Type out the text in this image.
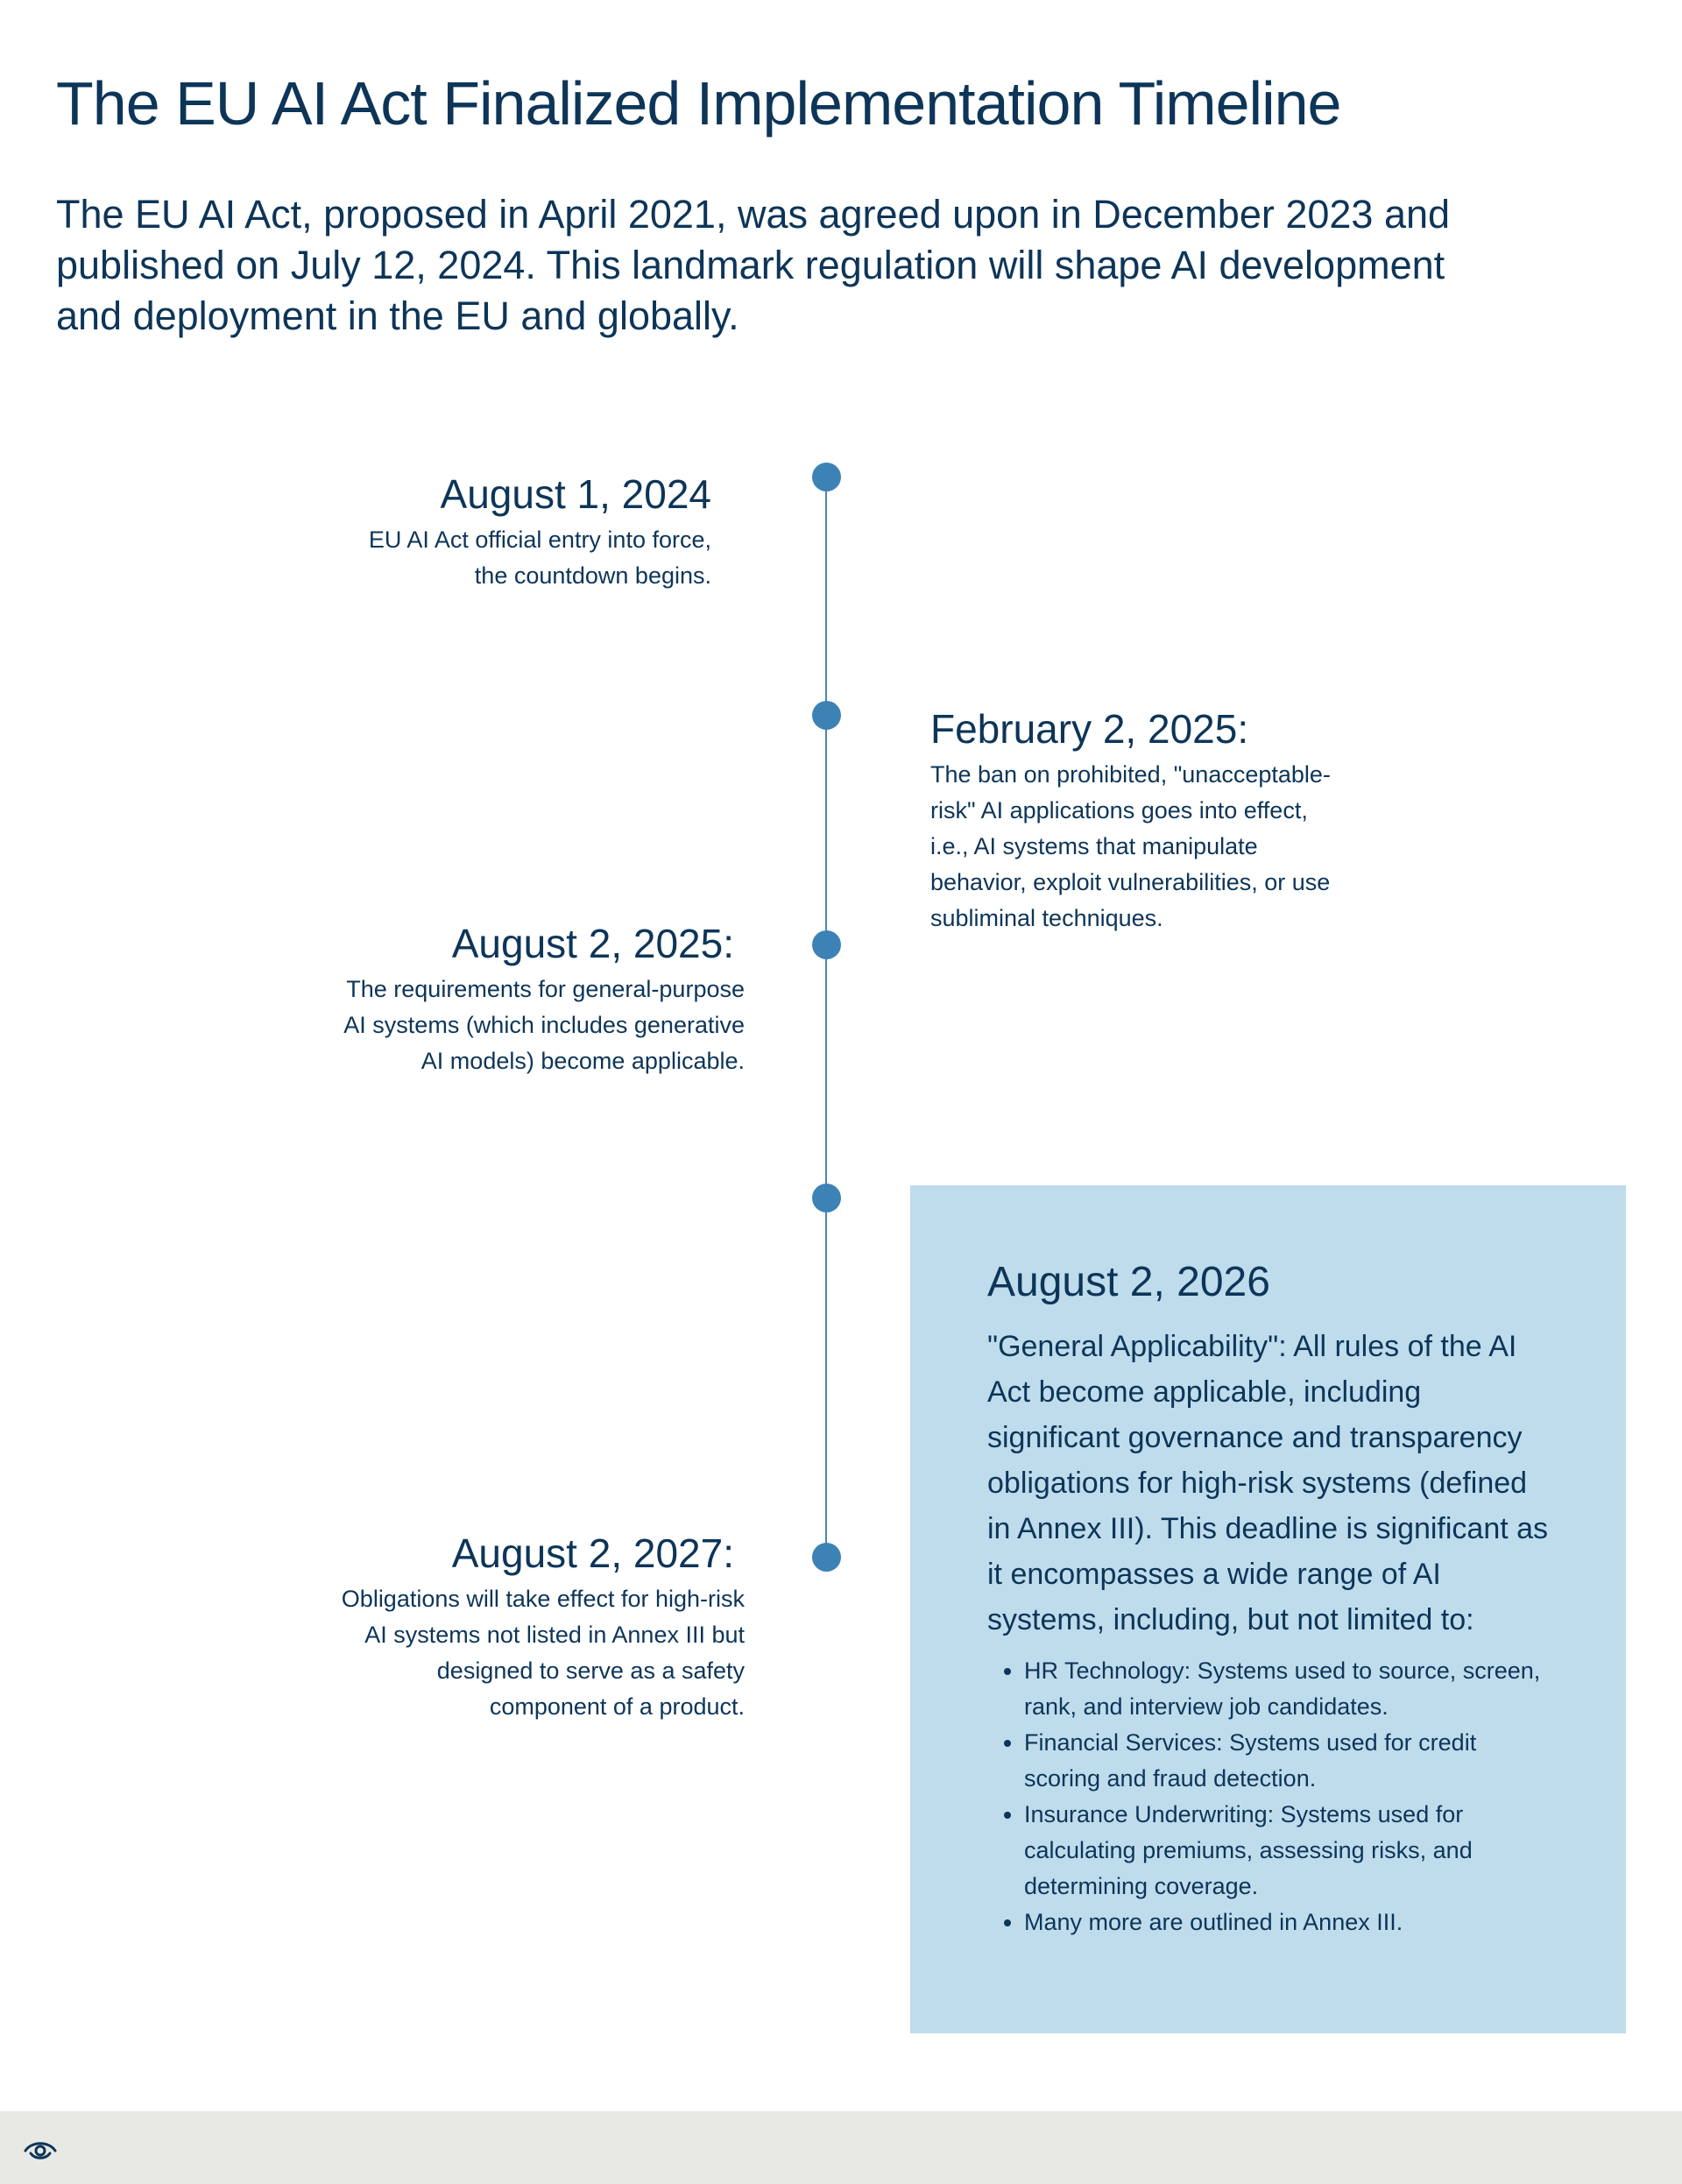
The EU AI Act Finalized Implementation Timeline

The EU AI Act, proposed in April 2021, was agreed upon in December 2023 and published on July 12, 2024. This landmark regulation will shape AI development and deployment in the EU and globally.

August 1, 2024

EU AI Act official entry into force, the countdown begins.

February 2, 2025:

The ban on prohibited, "unacceptable-risk" AI applications goes into effect, i.e., AI systems that manipulate behavior, exploit vulnerabilities, or use subliminal techniques.

August 2, 2025:

The requirements for general-purpose AI systems (which includes generative AI models) become applicable.

August 2, 2026

"General Applicability": All rules of the AI Act become applicable, including significant governance and transparency obligations for high-risk systems (defined in Annex III). This deadline is significant as it encompasses a wide range of AI systems, including, but not limited to:

• HR Technology: Systems used to source, screen, rank, and interview job candidates.
• Financial Services: Systems used for credit scoring and fraud detection.
• Insurance Underwriting: Systems used for calculating premiums, assessing risks, and determining coverage.
• Many more are outlined in Annex III.
August 2, 2027:

Obligations will take effect for high-risk AI systems not listed in Annex III but designed to serve as a safety component of a product.
